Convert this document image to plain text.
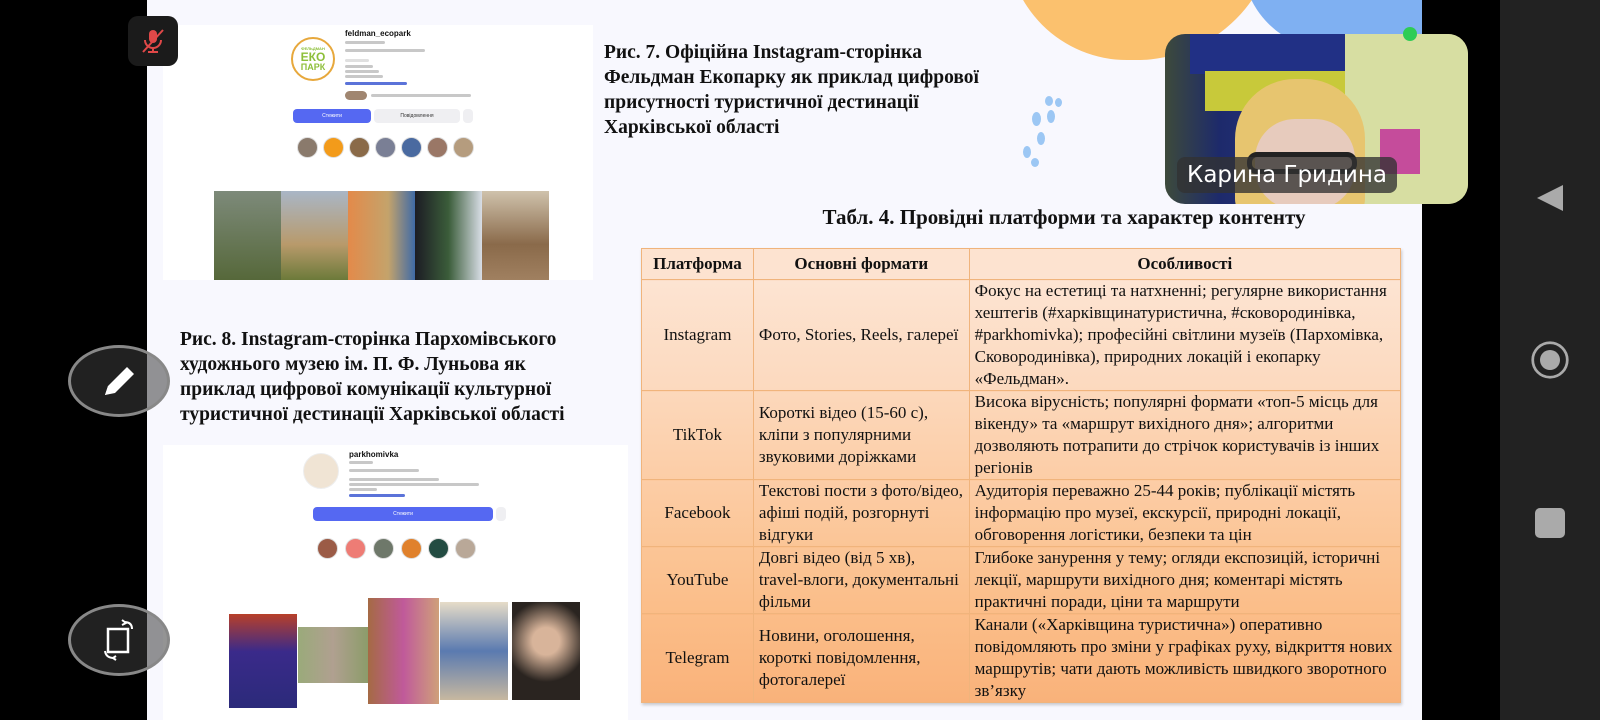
ФЕЛЬДМАН
ЕКО
ПАРК
feldman_ecopark
Стежити	Повідомлення
Рис. 7. Офіційна Instagram-сторінка
Фельдман Екопарку як приклад цифрової
присутності туристичної дестинації
Харківської області
Рис. 8. Instagram-сторінка Пархомівського
художнього музею ім. П. Ф. Луньова як
приклад цифрової комунікації культурної
туристичної дестинації Харківської області
parkhomivka
Стежити
Табл. 4. Провідні платформи та характер контенту
Платформа	Основні формати	Особливості
Instagram	Фото, Stories, Reels, галереї	Фокус на естетиці та натхненні; регулярне використання хештегів (#харківщинатуристична, #сковородинівка, #parkhomivka); професійні світлини музеїв (Пархомівка, Сковородинівка), природних локацій і екопарку «Фельдман».
TikTok	Короткі відео (15-60 с), кліпи з популярними звуковими доріжками	Висока вірусність; популярні формати «топ-5 місць для вікенду» та «маршрут вихідного дня»; алгоритми дозволяють потрапити до стрічок користувачів із інших регіонів
Facebook	Текстові пости з фото/відео, афіші подій, розгорнуті відгуки	Аудиторія переважно 25-44 років; публікації містять інформацію про музеї, екскурсії, природні локації, обговорення логістики, безпеки та цін
YouTube	Довгі відео (від 5 хв), travel-влоги, документальні фільми	Глибоке занурення у тему; огляди експозицій, історичні лекції, маршрути вихідного дня; коментарі містять практичні поради, ціни та маршрути
Telegram	Новини, оголошення, короткі повідомлення, фотогалереї	Канали («Харківщина туристична») оперативно повідомляють про зміни у графіках руху, відкриття нових маршрутів; чати дають можливість швидкого зворотного зв’язку
Карина Гридина
